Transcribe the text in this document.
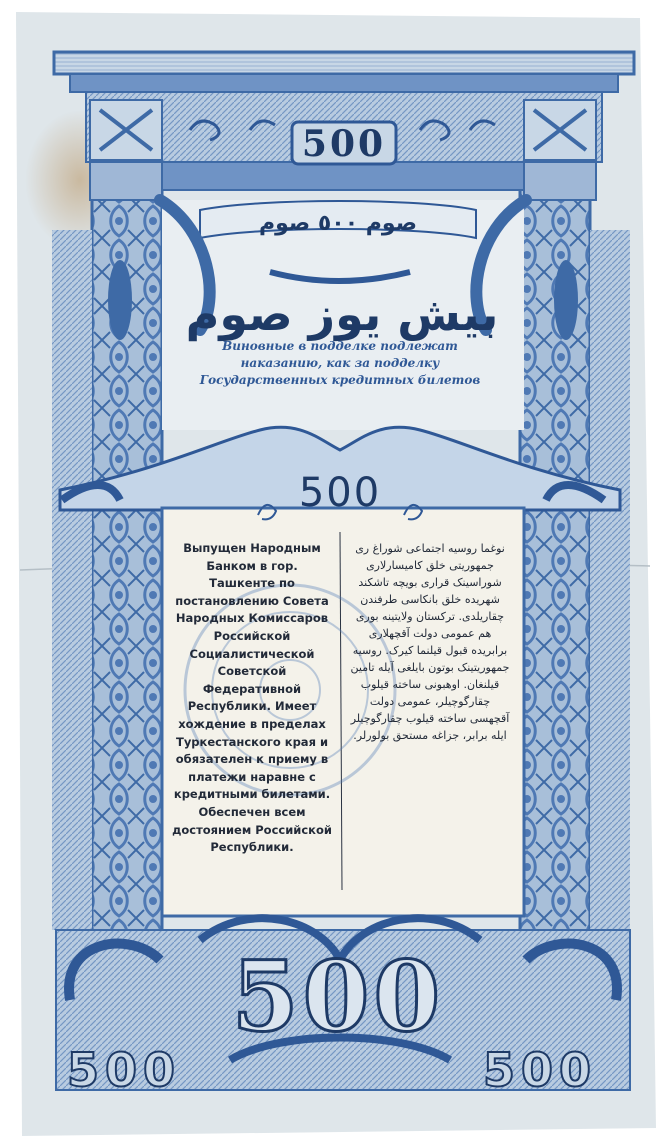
500
صوم ٥٠٠ صوم
بيش يوز صوم
Виновные в подделке подлежат наказанию, как за подделку Государственных кредитных билетов
500
500
500	500
Выпущен Народным Банком в гор. Ташкенте по постановлению Совета Народных Комиссаров Российской Социалистической Советской Федеративной Республики. Имеет хождение в пределах Туркестанского края и обязателен к приему в платежи наравне с кредитными билетами. Обеспечен всем достоянием Российской Республики.
نوغما روسیه اجتماعی شوراغ ری جمهوریتی خلق کامیسارلاری شوراسینک قراری بویچه تاشکند شهریده خلق بانکاسی طرفندن چقاریلدی. ترکستان ولایتینه بوری هم عمومی دولت آقچهلاری برابریده قبول قیلنما کیرک. روسیه جمهوریتینک بوتون بایلغی آیله تامین قیلنغان. اوهبونی ساخته قیلوب چقارگوچیلر، عمومی دولت آقچهسی ساخته قیلوب چقارگوچیلر ایله برابر، جزاغه مستحق بولورلر.
